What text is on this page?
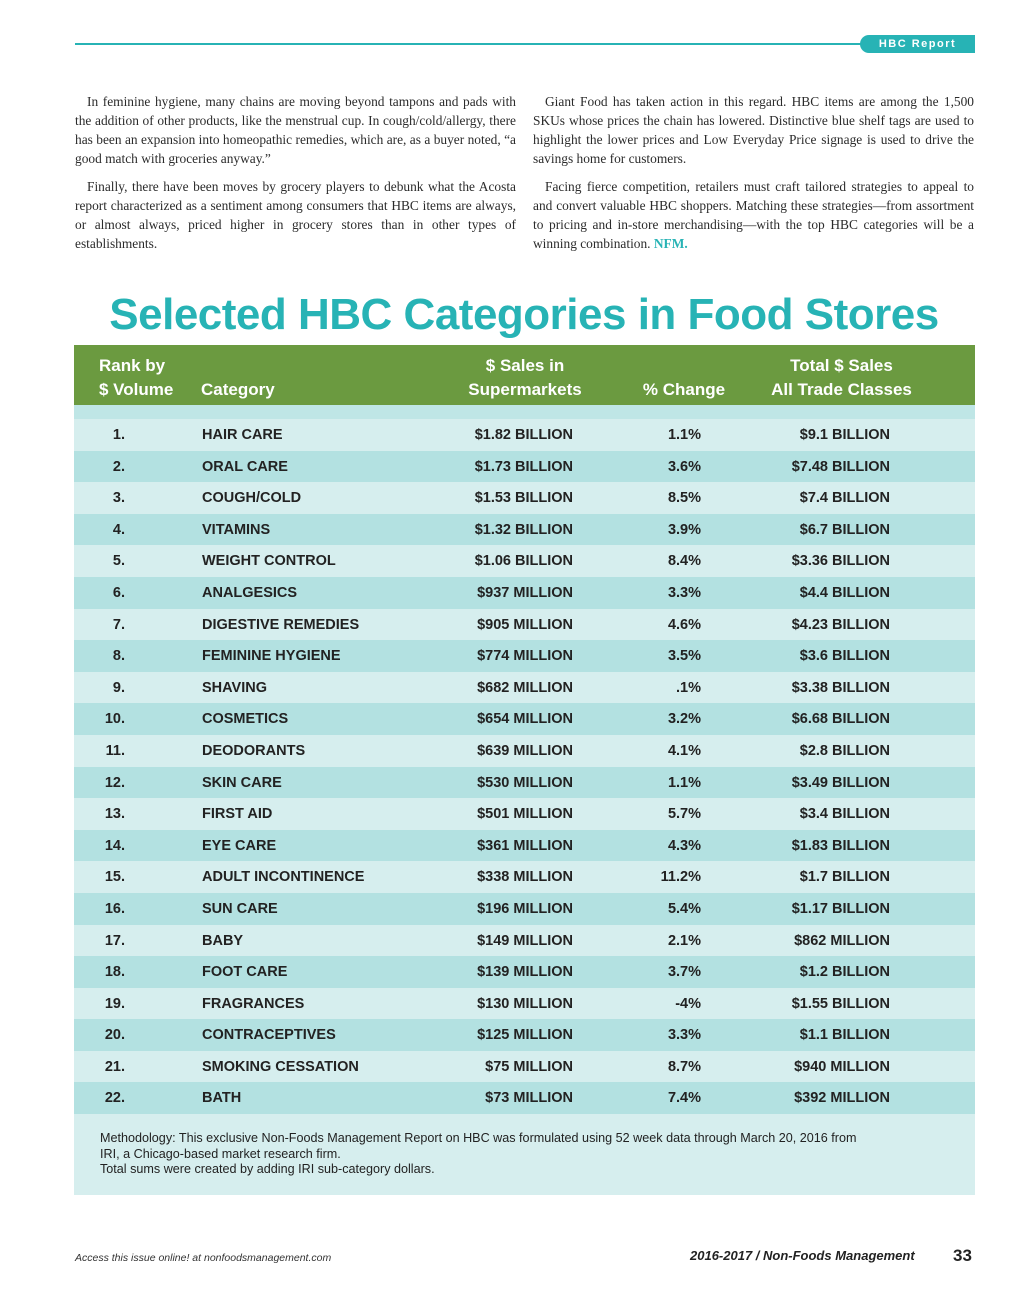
HBC Report

In feminine hygiene, many chains are moving beyond tampons and pads with the addition of other products, like the menstrual cup. In cough/cold/allergy, there has been an expansion into homeopathic remedies, which are, as a buyer noted, “a good match with groceries anyway.”

Finally, there have been moves by grocery players to debunk what the Acosta report characterized as a sentiment among consumers that HBC items are always, or almost always, priced higher in grocery stores than in other types of establishments.

Giant Food has taken action in this regard. HBC items are among the 1,500 SKUs whose prices the chain has lowered. Distinctive blue shelf tags are used to highlight the lower prices and Low Everyday Price signage is used to drive the savings home for customers.

Facing fierce competition, retailers must craft tailored strategies to appeal to and convert valuable HBC shoppers. Matching these strategies—from assortment to pricing and in-store merchandising—with the top HBC categories will be a winning combination. NFM.

Selected HBC Categories in Food Stores
Rank by
$ Volume Category
$ Sales in
Supermarkets	% Change
Total $ Sales
All Trade Classes
1.	HAIR CARE	$1.82 BILLION	1.1%	$9.1 BILLION
2.	ORAL CARE	$1.73 BILLION	3.6%	$7.48 BILLION
3.	COUGH/COLD	$1.53 BILLION	8.5%	$7.4 BILLION
4.	VITAMINS	$1.32 BILLION	3.9%	$6.7 BILLION
5.	WEIGHT CONTROL	$1.06 BILLION	8.4%	$3.36 BILLION
6.	ANALGESICS	$937 MILLION	3.3%	$4.4 BILLION
7.	DIGESTIVE REMEDIES	$905 MILLION	4.6%	$4.23 BILLION
8.	FEMININE HYGIENE	$774 MILLION	3.5%	$3.6 BILLION
9.	SHAVING	$682 MILLION	.1%	$3.38 BILLION
10.	COSMETICS	$654 MILLION	3.2%	$6.68 BILLION
11.	DEODORANTS	$639 MILLION	4.1%	$2.8 BILLION
12.	SKIN CARE	$530 MILLION	1.1%	$3.49 BILLION
13.	FIRST AID	$501 MILLION	5.7%	$3.4 BILLION
14.	EYE CARE	$361 MILLION	4.3%	$1.83 BILLION
15.	ADULT INCONTINENCE	$338 MILLION	11.2%	$1.7 BILLION
16.	SUN CARE	$196 MILLION	5.4%	$1.17 BILLION
17.	BABY	$149 MILLION	2.1%	$862 MILLION
18.	FOOT CARE	$139 MILLION	3.7%	$1.2 BILLION
19.	FRAGRANCES	$130 MILLION	-4%	$1.55 BILLION
20.	CONTRACEPTIVES	$125 MILLION	3.3%	$1.1 BILLION
21.	SMOKING CESSATION	$75 MILLION	8.7%	$940 MILLION
22.	BATH	$73 MILLION	7.4%	$392 MILLION
Methodology: This exclusive Non-Foods Management Report on HBC was formulated using 52 week data through March 20, 2016 from
IRI, a Chicago-based market research firm.
Total sums were created by adding IRI sub-category dollars.
Access this issue online! at nonfoodsmanagement.com	2016-2017 / Non-Foods Management 33
